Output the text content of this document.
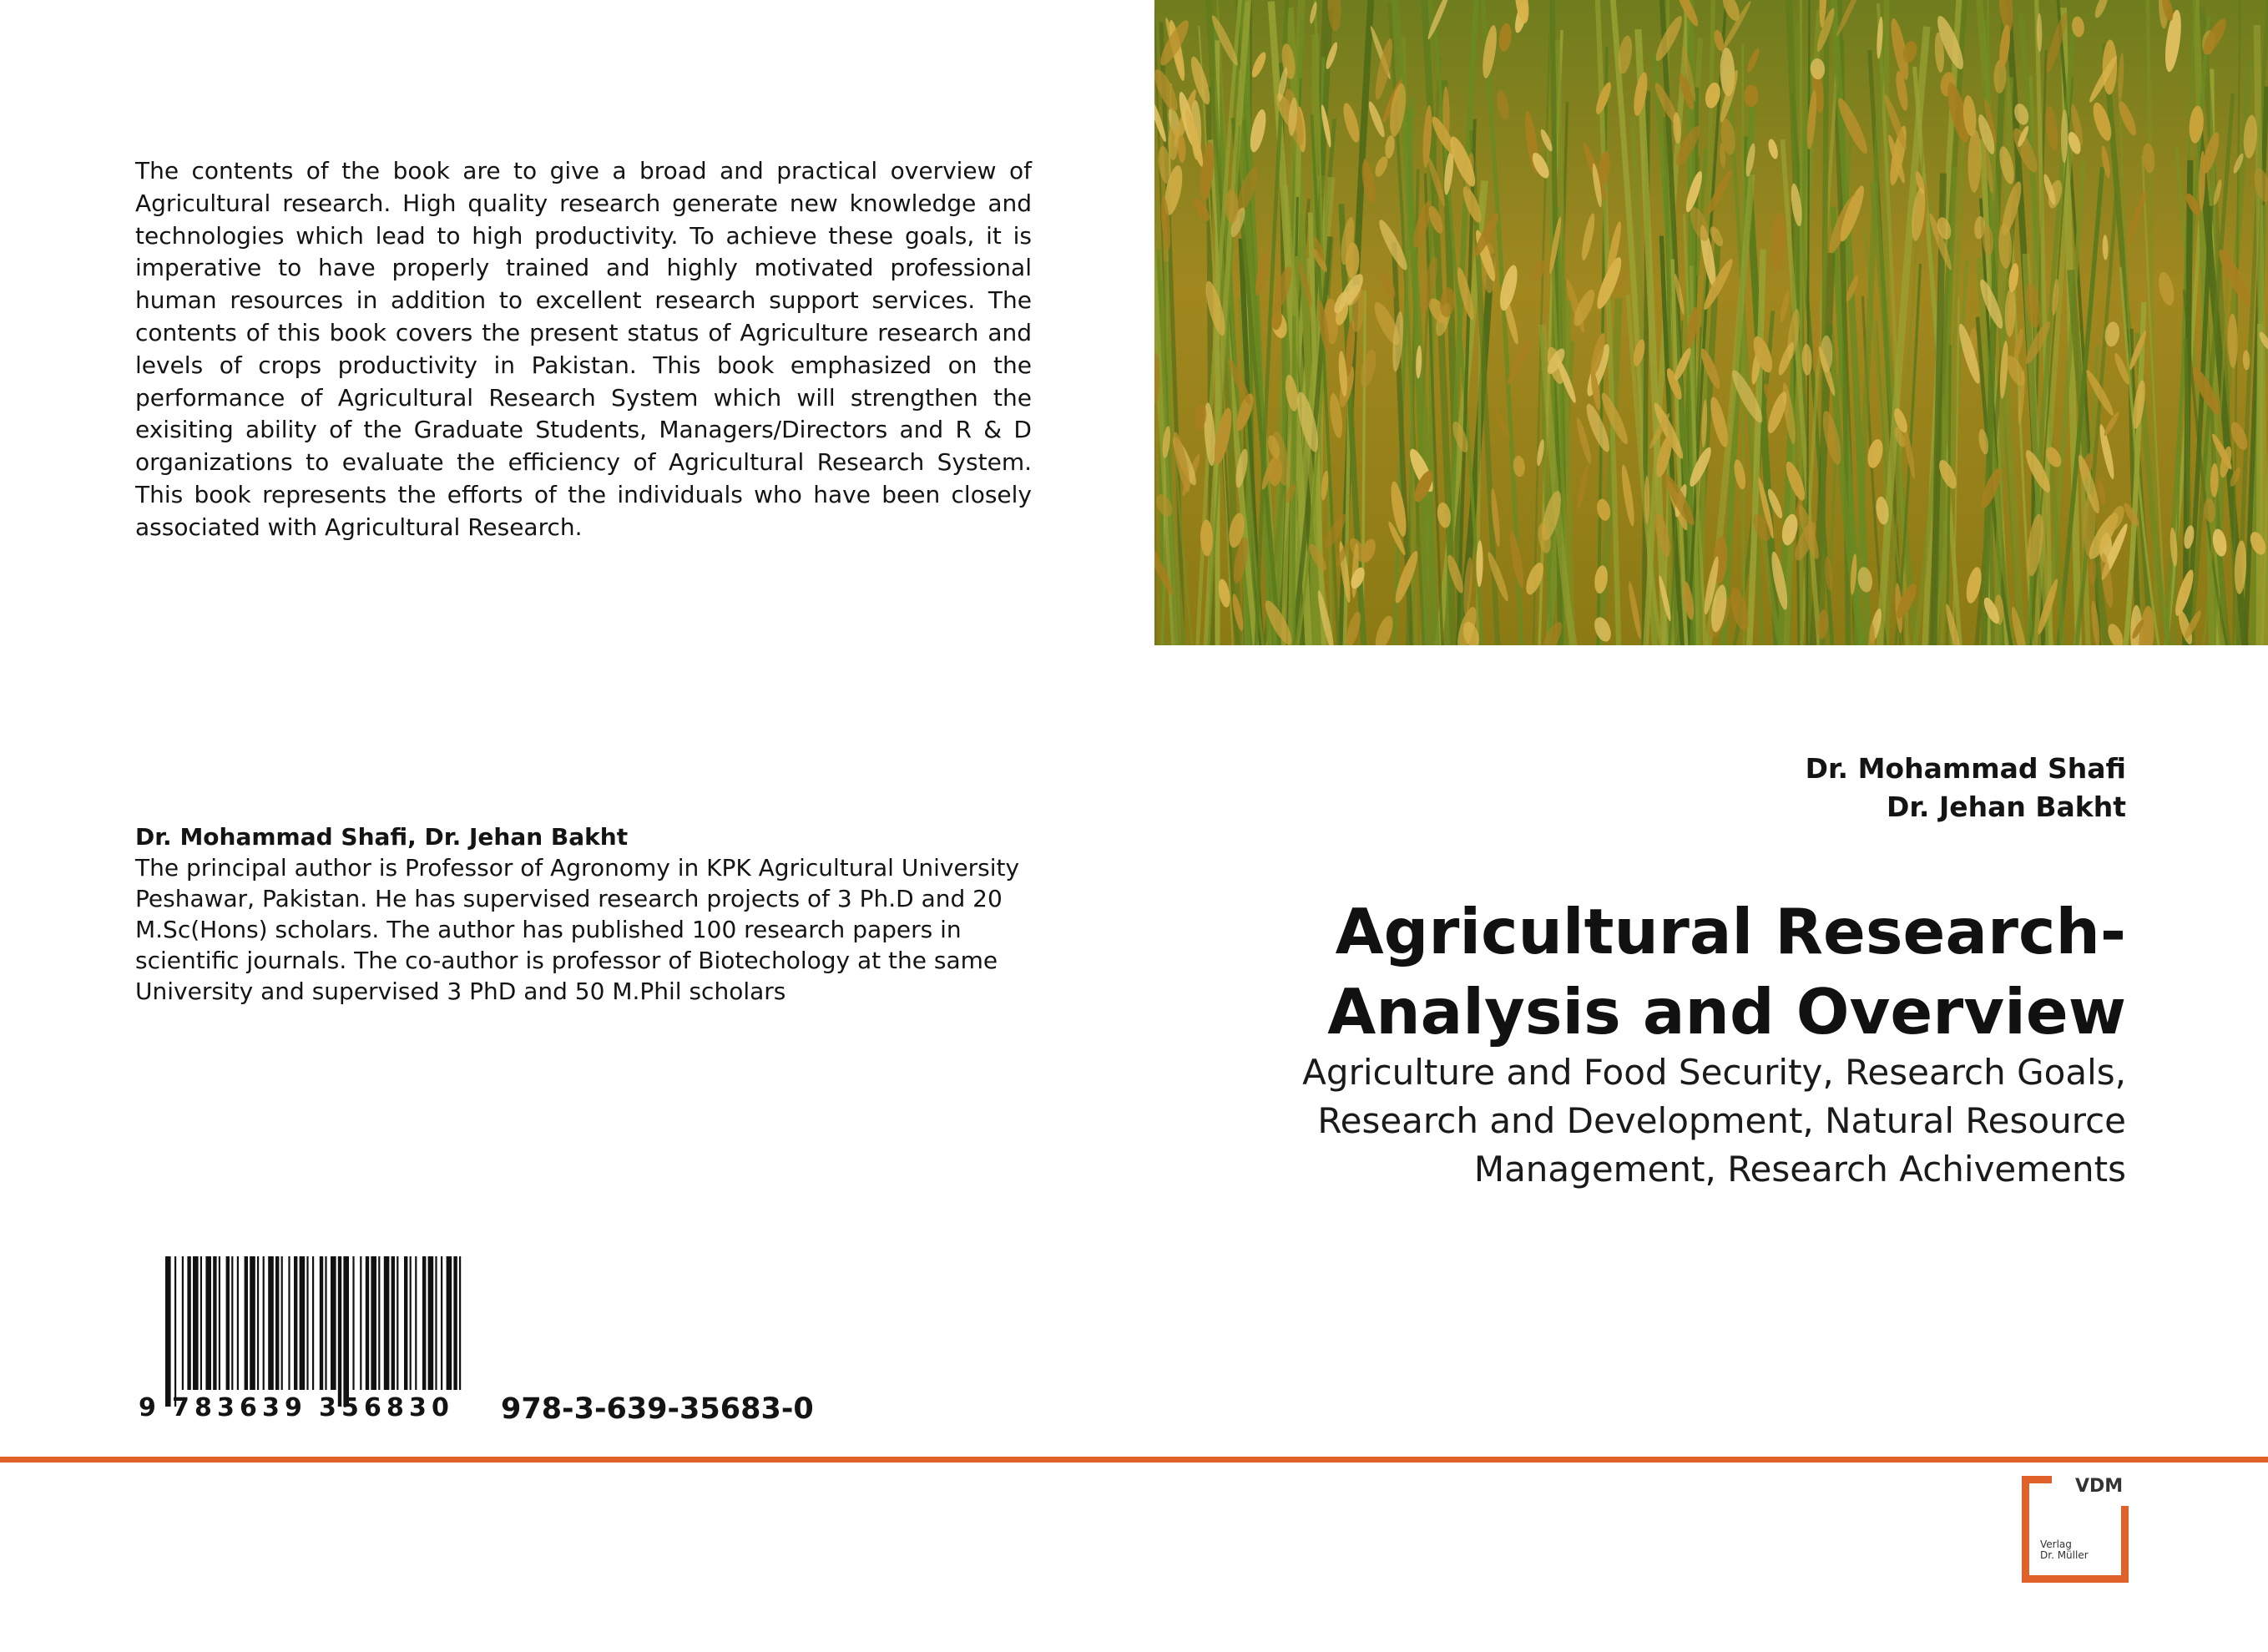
The contents of the book are to give a broad and practical overview of Agricultural research. High quality research generate new knowledge and technologies which lead to high productivity. To achieve these goals, it is imperative to have properly trained and highly motivated professional human resources in addition to excellent research support services. The contents of this book covers the present status of Agriculture research and levels of crops productivity in Pakistan. This book emphasized on the performance of Agricultural Research System which will strengthen the exisiting ability of the Graduate Students, Managers/Directors and R & D organizations to evaluate the efficiency of Agricultural Research System. This book represents the efforts of the individuals who have been closely associated with Agricultural Research.

Dr. Mohammad Shafi, Dr. Jehan Bakht
The principal author is Professor of Agronomy in KPK Agricultural University Peshawar, Pakistan. He has supervised research projects of 3 Ph.D and 20 M.Sc(Hons) scholars. The author has published 100 research papers in scientific journals. The co-author is professor of Biotechology at the same University and supervised 3 PhD and 50 M.Phil scholars
9 7 8 3 6 3 9 3 5 6 8 3 0 978-3-639-35683-0
Dr. Mohammad Shafi
Dr. Jehan Bakht
Agricultural Research-
Analysis and Overview
Agriculture and Food Security, Research Goals,
Research and Development, Natural Resource
Management, Research Achivements
VDM
Verlag
Dr. Müller
